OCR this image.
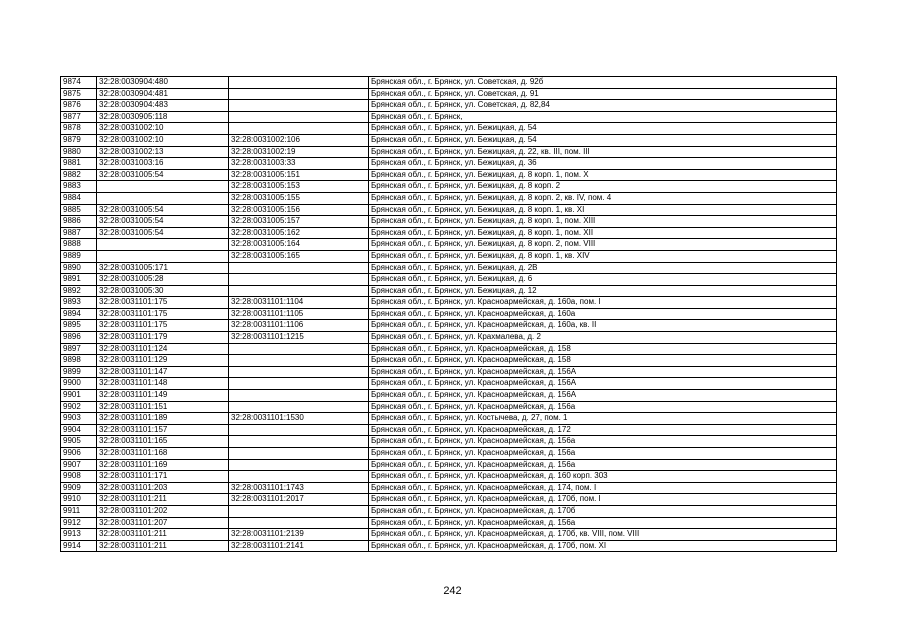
9874	32:28:0030904:480		Брянская обл., г. Брянск, ул. Советская, д. 92б
9875	32:28:0030904:481		Брянская обл., г. Брянск, ул. Советская, д. 91
9876	32:28:0030904:483		Брянская обл., г. Брянск, ул. Советская, д. 82,84
9877	32:28:0030905:118		Брянская обл., г. Брянск,
9878	32:28:0031002:10		Брянская обл., г. Брянск, ул. Бежицкая, д. 54
9879	32:28:0031002:10	32:28:0031002:106	Брянская обл., г. Брянск, ул. Бежицкая, д. 54
9880	32:28:0031002:13	32:28:0031002:19	Брянская обл., г. Брянск, ул. Бежицкая, д. 22, кв. III, пом. III
9881	32:28:0031003:16	32:28:0031003:33	Брянская обл., г. Брянск, ул. Бежицкая, д. 36
9882	32:28:0031005:54	32:28:0031005:151	Брянская обл., г. Брянск, ул. Бежицкая, д. 8 корп. 1, пом. X
9883		32:28:0031005:153	Брянская обл., г. Брянск, ул. Бежицкая, д. 8 корп. 2
9884		32:28:0031005:155	Брянская обл., г. Брянск, ул. Бежицкая, д. 8 корп. 2, кв. IV, пом. 4
9885	32:28:0031005:54	32:28:0031005:156	Брянская обл., г. Брянск, ул. Бежицкая, д. 8 корп. 1, кв. XI
9886	32:28:0031005:54	32:28:0031005:157	Брянская обл., г. Брянск, ул. Бежицкая, д. 8 корп. 1, пом. XIII
9887	32:28:0031005:54	32:28:0031005:162	Брянская обл., г. Брянск, ул. Бежицкая, д. 8 корп. 1, пом. XII
9888		32:28:0031005:164	Брянская обл., г. Брянск, ул. Бежицкая, д. 8 корп. 2, пом. VIII
9889		32:28:0031005:165	Брянская обл., г. Брянск, ул. Бежицкая, д. 8 корп. 1, кв. XIV
9890	32:28:0031005:171		Брянская обл., г. Брянск, ул. Бежицкая, д. 2В
9891	32:28:0031005:28		Брянская обл., г. Брянск, ул. Бежицкая, д. 6
9892	32:28:0031005:30		Брянская обл., г. Брянск, ул. Бежицкая, д. 12
9893	32:28:0031101:175	32:28:0031101:1104	Брянская обл., г. Брянск, ул. Красноармейская, д. 160а, пом. I
9894	32:28:0031101:175	32:28:0031101:1105	Брянская обл., г. Брянск, ул. Красноармейская, д. 160а
9895	32:28:0031101:175	32:28:0031101:1106	Брянская обл., г. Брянск, ул. Красноармейская, д. 160а, кв. II
9896	32:28:0031101:179	32:28:0031101:1215	Брянская обл., г. Брянск, ул. Крахмалева, д. 2
9897	32:28:0031101:124		Брянская обл., г. Брянск, ул. Красноармейская, д. 158
9898	32:28:0031101:129		Брянская обл., г. Брянск, ул. Красноармейская, д. 158
9899	32:28:0031101:147		Брянская обл., г. Брянск, ул. Красноармейская, д. 156А
9900	32:28:0031101:148		Брянская обл., г. Брянск, ул. Красноармейская, д. 156А
9901	32:28:0031101:149		Брянская обл., г. Брянск, ул. Красноармейская, д. 156А
9902	32:28:0031101:151		Брянская обл., г. Брянск, ул. Красноармейская, д. 156а
9903	32:28:0031101:189	32:28:0031101:1530	Брянская обл., г. Брянск, ул. Костычева, д. 27, пом. 1
9904	32:28:0031101:157		Брянская обл., г. Брянск, ул. Красноармейская, д. 172
9905	32:28:0031101:165		Брянская обл., г. Брянск, ул. Красноармейская, д. 156а
9906	32:28:0031101:168		Брянская обл., г. Брянск, ул. Красноармейская, д. 156а
9907	32:28:0031101:169		Брянская обл., г. Брянск, ул. Красноармейская, д. 156а
9908	32:28:0031101:171		Брянская обл., г. Брянск, ул. Красноармейская, д. 160 корп. 303
9909	32:28:0031101:203	32:28:0031101:1743	Брянская обл., г. Брянск, ул. Красноармейская, д. 174, пом. I
9910	32:28:0031101:211	32:28:0031101:2017	Брянская обл., г. Брянск, ул. Красноармейская, д. 170б, пом. I
9911	32:28:0031101:202		Брянская обл., г. Брянск, ул. Красноармейская, д. 170б
9912	32:28:0031101:207		Брянская обл., г. Брянск, ул. Красноармейская, д. 156а
9913	32:28:0031101:211	32:28:0031101:2139	Брянская обл., г. Брянск, ул. Красноармейская, д. 170б, кв. VIII, пом. VIII
9914	32:28:0031101:211	32:28:0031101:2141	Брянская обл., г. Брянск, ул. Красноармейская, д. 170б, пом. XI
242
